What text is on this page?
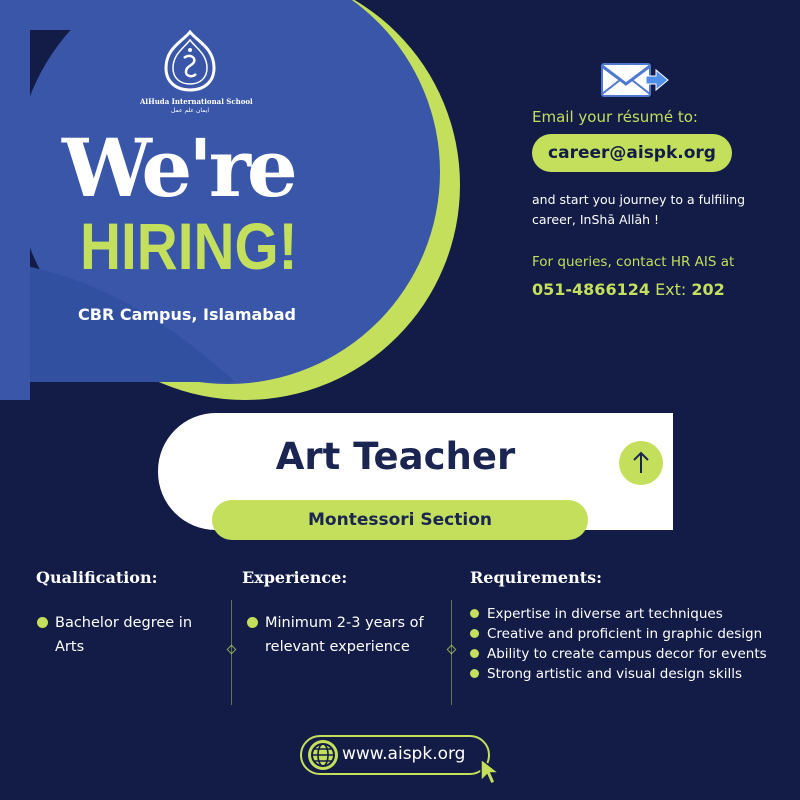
AlHuda International School
ایمان علم عمل
We're
HIRING!
CBR Campus, Islamabad
Email your résumé to:
career@aispk.org
and start you journey to a fulfiling career, InShā Allāh !
For queries, contact HR AIS at
051-4866124 Ext: 202
Art Teacher
Montessori Section
Qualification:
Bachelor degree in Arts
Experience:
Minimum 2-3 years of relevant experience
Requirements:
Expertise in diverse art techniques
Creative and proficient in graphic design
Ability to create campus decor for events
Strong artistic and visual design skills
www.aispk.org
